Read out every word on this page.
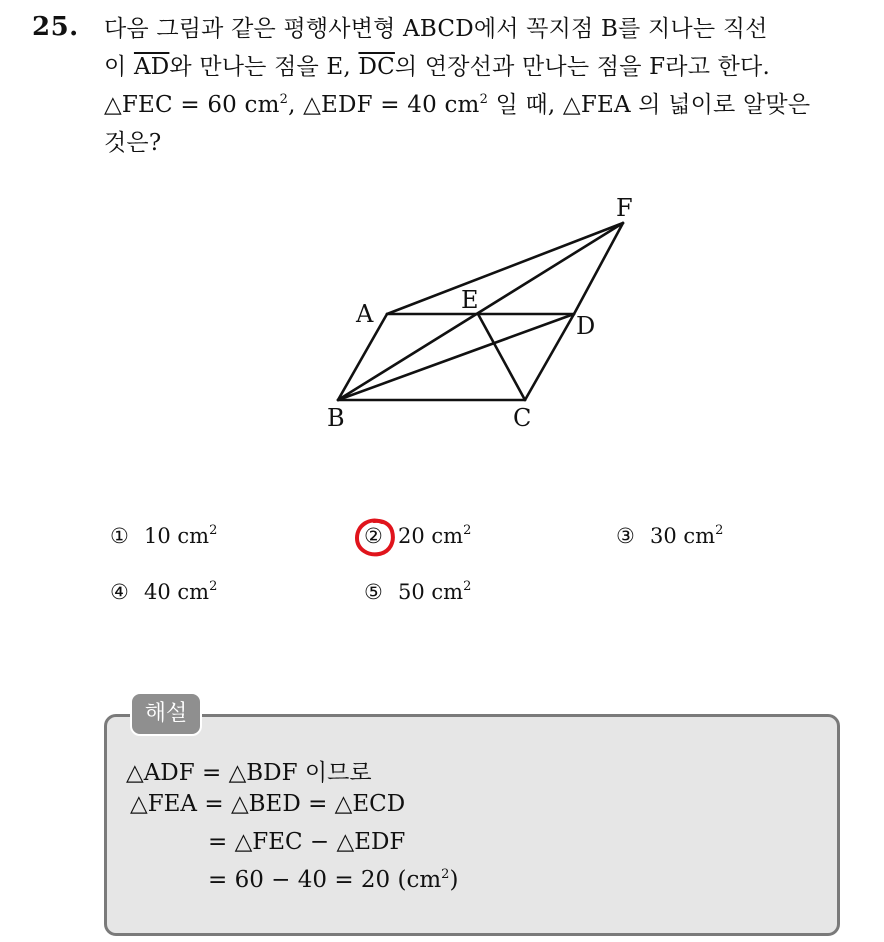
25. 다음 그림과 같은 평행사변형 ABCD에서 꼭지점 B를 지나는 직선
이 $\overline{AD}$와 만나는 점을 E, $\overline{DC}$의 연장선과 만나는 점을 F라고 한다.
△FEC = 60 $cm^2$, △EDF = 40 $cm^2$ 일 때, △FEA 의 넓이로 알맞은
것은?
A
B	C
D
E
F
① 10 $cm^2$	② 20 $cm^2$	③ 30 $cm^2$
④ 40 $cm^2$	⑤ 50 $cm^2$
해설
△ADF = △BDF 이므로
△FEA = △BED = △ECD
= △FEC − △EDF
= 60 − 40 = 20 $(cm^2)$
